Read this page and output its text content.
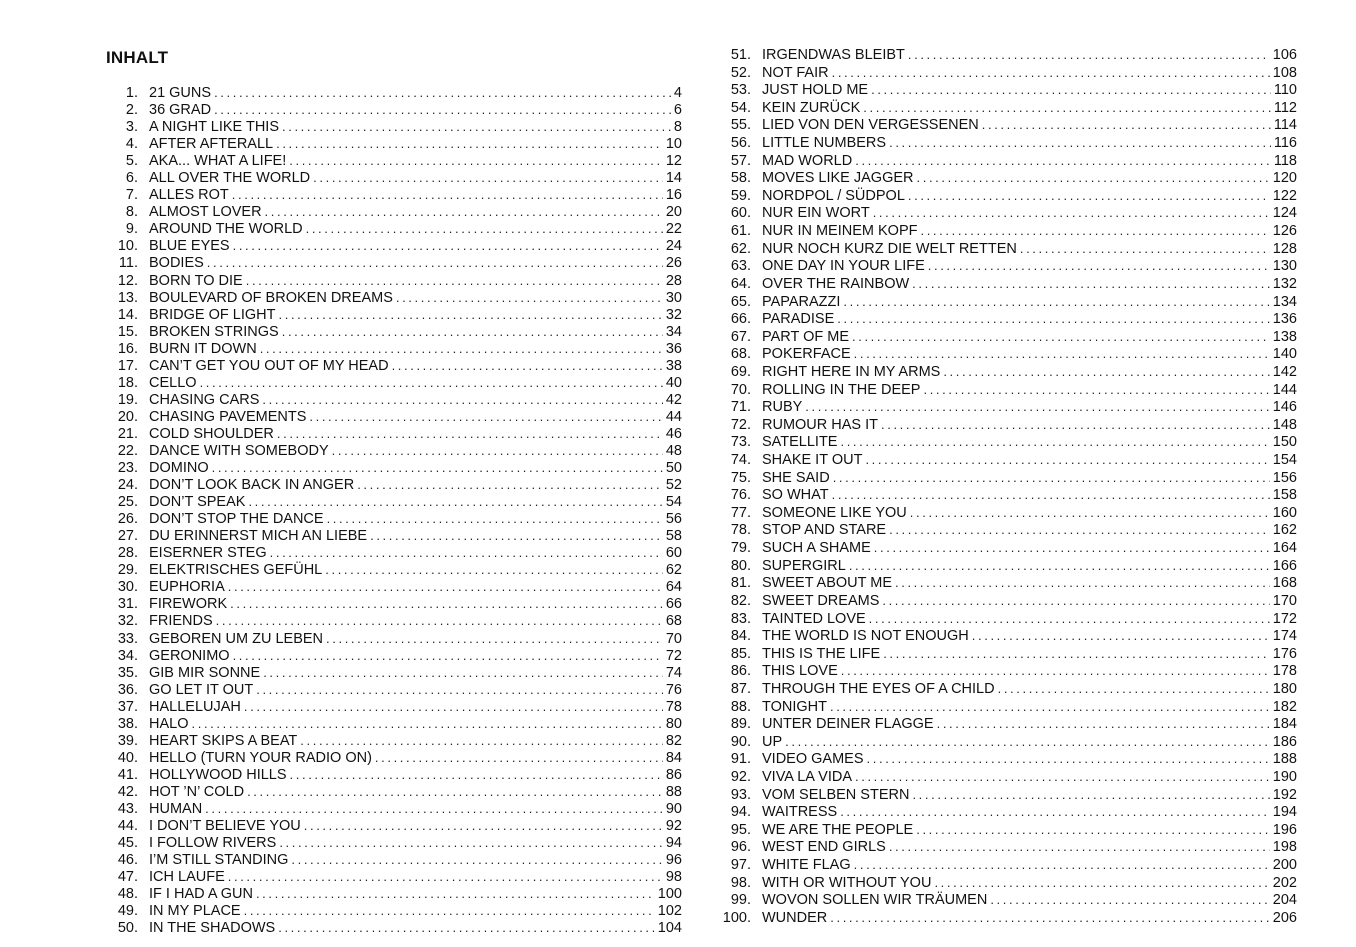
INHALT
1. 21 GUNS . . .	4
2. 36 GRAD . . .	6
3. A NIGHT LIKE THIS . . .	8
4. AFTER AFTERALL . . .	10
5. AKA... WHAT A LIFE! . . .	12
6. ALL OVER THE WORLD . . .	14
7. ALLES ROT . . .	16
8. ALMOST LOVER . . .	20
9. AROUND THE WORLD . . .	22
10. BLUE EYES . . .	24
11. BODIES . . .	26
12. BORN TO DIE . . .	28
13. BOULEVARD OF BROKEN DREAMS . . .	30
14. BRIDGE OF LIGHT . . .	32
15. BROKEN STRINGS . . .	34
16. BURN IT DOWN . . .	36
17. CAN’T GET YOU OUT OF MY HEAD . . .	38
18. CELLO . . .	40
19. CHASING CARS . . .	42
20. CHASING PAVEMENTS . . .	44
21. COLD SHOULDER . . .	46
22. DANCE WITH SOMEBODY . . .	48
23. DOMINO . . .	50
24. DON’T LOOK BACK IN ANGER . . .	52
25. DON’T SPEAK . . .	54
26. DON’T STOP THE DANCE . . .	56
27. DU ERINNERST MICH AN LIEBE . . .	58
28. EISERNER STEG . . .	60
29. ELEKTRISCHES GEFÜHL . . .	62
30. EUPHORIA . . .	64
31. FIREWORK . . .	66
32. FRIENDS . . .	68
33. GEBOREN UM ZU LEBEN . . .	70
34. GERONIMO . . .	72
35. GIB MIR SONNE . . .	74
36. GO LET IT OUT . . .	76
37. HALLELUJAH . . .	78
38. HALO . . .	80
39. HEART SKIPS A BEAT . . .	82
40. HELLO (TURN YOUR RADIO ON) . . .	84
41. HOLLYWOOD HILLS . . .	86
42. HOT ’N’ COLD . . .	88
43. HUMAN . . .	90
44. I DON’T BELIEVE YOU . . .	92
45. I FOLLOW RIVERS . . .	94
46. I’M STILL STANDING . . .	96
47. ICH LAUFE . . .	98
48. IF I HAD A GUN . . .	100
49. IN MY PLACE . . .	102
50. IN THE SHADOWS . . .	104
51. IRGENDWAS BLEIBT . . .	106
52. NOT FAIR . . .	108
53. JUST HOLD ME . . .	110
54. KEIN ZURÜCK . . .	112
55. LIED VON DEN VERGESSENEN . . .	114
56. LITTLE NUMBERS . . .	116
57. MAD WORLD . . .	118
58. MOVES LIKE JAGGER . . .	120
59. NORDPOL / SÜDPOL . . .	122
60. NUR EIN WORT . . .	124
61. NUR IN MEINEM KOPF . . .	126
62. NUR NOCH KURZ DIE WELT RETTEN . . .	128
63. ONE DAY IN YOUR LIFE . . .	130
64. OVER THE RAINBOW . . .	132
65. PAPARAZZI . . .	134
66. PARADISE . . .	136
67. PART OF ME . . .	138
68. POKERFACE . . .	140
69. RIGHT HERE IN MY ARMS . . .	142
70. ROLLING IN THE DEEP . . .	144
71. RUBY . . .	146
72. RUMOUR HAS IT . . .	148
73. SATELLITE . . .	150
74. SHAKE IT OUT . . .	154
75. SHE SAID . . .	156
76. SO WHAT . . .	158
77. SOMEONE LIKE YOU . . .	160
78. STOP AND STARE . . .	162
79. SUCH A SHAME . . .	164
80. SUPERGIRL . . .	166
81. SWEET ABOUT ME . . .	168
82. SWEET DREAMS . . .	170
83. TAINTED LOVE . . .	172
84. THE WORLD IS NOT ENOUGH . . .	174
85. THIS IS THE LIFE . . .	176
86. THIS LOVE . . .	178
87. THROUGH THE EYES OF A CHILD . . .	180
88. TONIGHT . . .	182
89. UNTER DEINER FLAGGE . . .	184
90. UP . . .	186
91. VIDEO GAMES . . .	188
92. VIVA LA VIDA . . .	190
93. VOM SELBEN STERN . . .	192
94. WAITRESS . . .	194
95. WE ARE THE PEOPLE . . .	196
96. WEST END GIRLS . . .	198
97. WHITE FLAG . . .	200
98. WITH OR WITHOUT YOU . . .	202
99. WOVON SOLLEN WIR TRÄUMEN . . .	204
100. WUNDER . . .	206
